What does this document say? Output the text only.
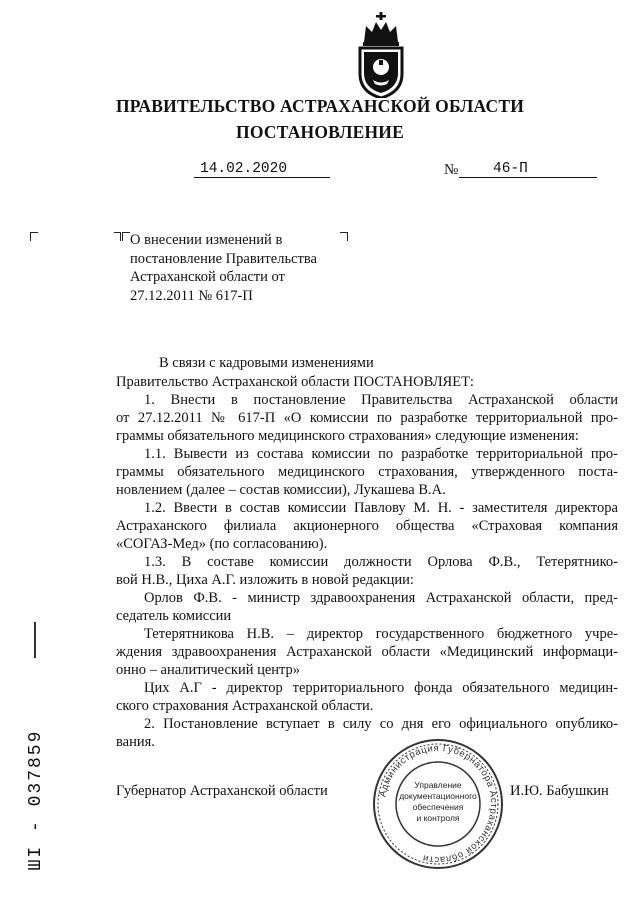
ПРАВИТЕЛЬСТВО АСТРАХАНСКОЙ ОБЛАСТИ
ПОСТАНОВЛЕНИЕ
14.02.2020	№	46-П
О внесении изменений в постановление Правительства Астраханской области от 27.12.2011 № 617-П
В связи с кадровыми изменениями
Правительство Астраханской области ПОСТАНОВЛЯЕТ:
1. Внести в постановление Правительства Астраханской области
от 27.12.2011 № 617-П «О комиссии по разработке территориальной про-
граммы обязательного медицинского страхования» следующие изменения:
1.1. Вывести из состава комиссии по разработке территориальной про-
граммы обязательного медицинского страхования, утвержденного поста-
новлением (далее – состав комиссии), Лукашева В.А.
1.2. Ввести в состав комиссии Павлову М. Н. - заместителя директора
Астраханского филиала акционерного общества «Страховая компания
«СОГАЗ-Мед» (по согласованию).
1.3. В составе комиссии должности Орлова Ф.В., Тетерятнико-
вой Н.В., Циха А.Г. изложить в новой редакции:
Орлов Ф.В. - министр здравоохранения Астраханской области, пред-
седатель комиссии
Тетерятникова Н.В. – директор государственного бюджетного учре-
ждения здравоохранения Астраханской области «Медицинский информаци-
онно – аналитический центр»
Цих А.Г - директор территориального фонда обязательного медицин-
ского страхования Астраханской области.
2. Постановление вступает в силу со дня его официального опублико-
вания.
ШІ - 037859	Губернатор Астраханской области	И.Ю. Бабушкин
Администрация Губернатора Астраханской области
Управление
документационного
обеспечения
и контроля
